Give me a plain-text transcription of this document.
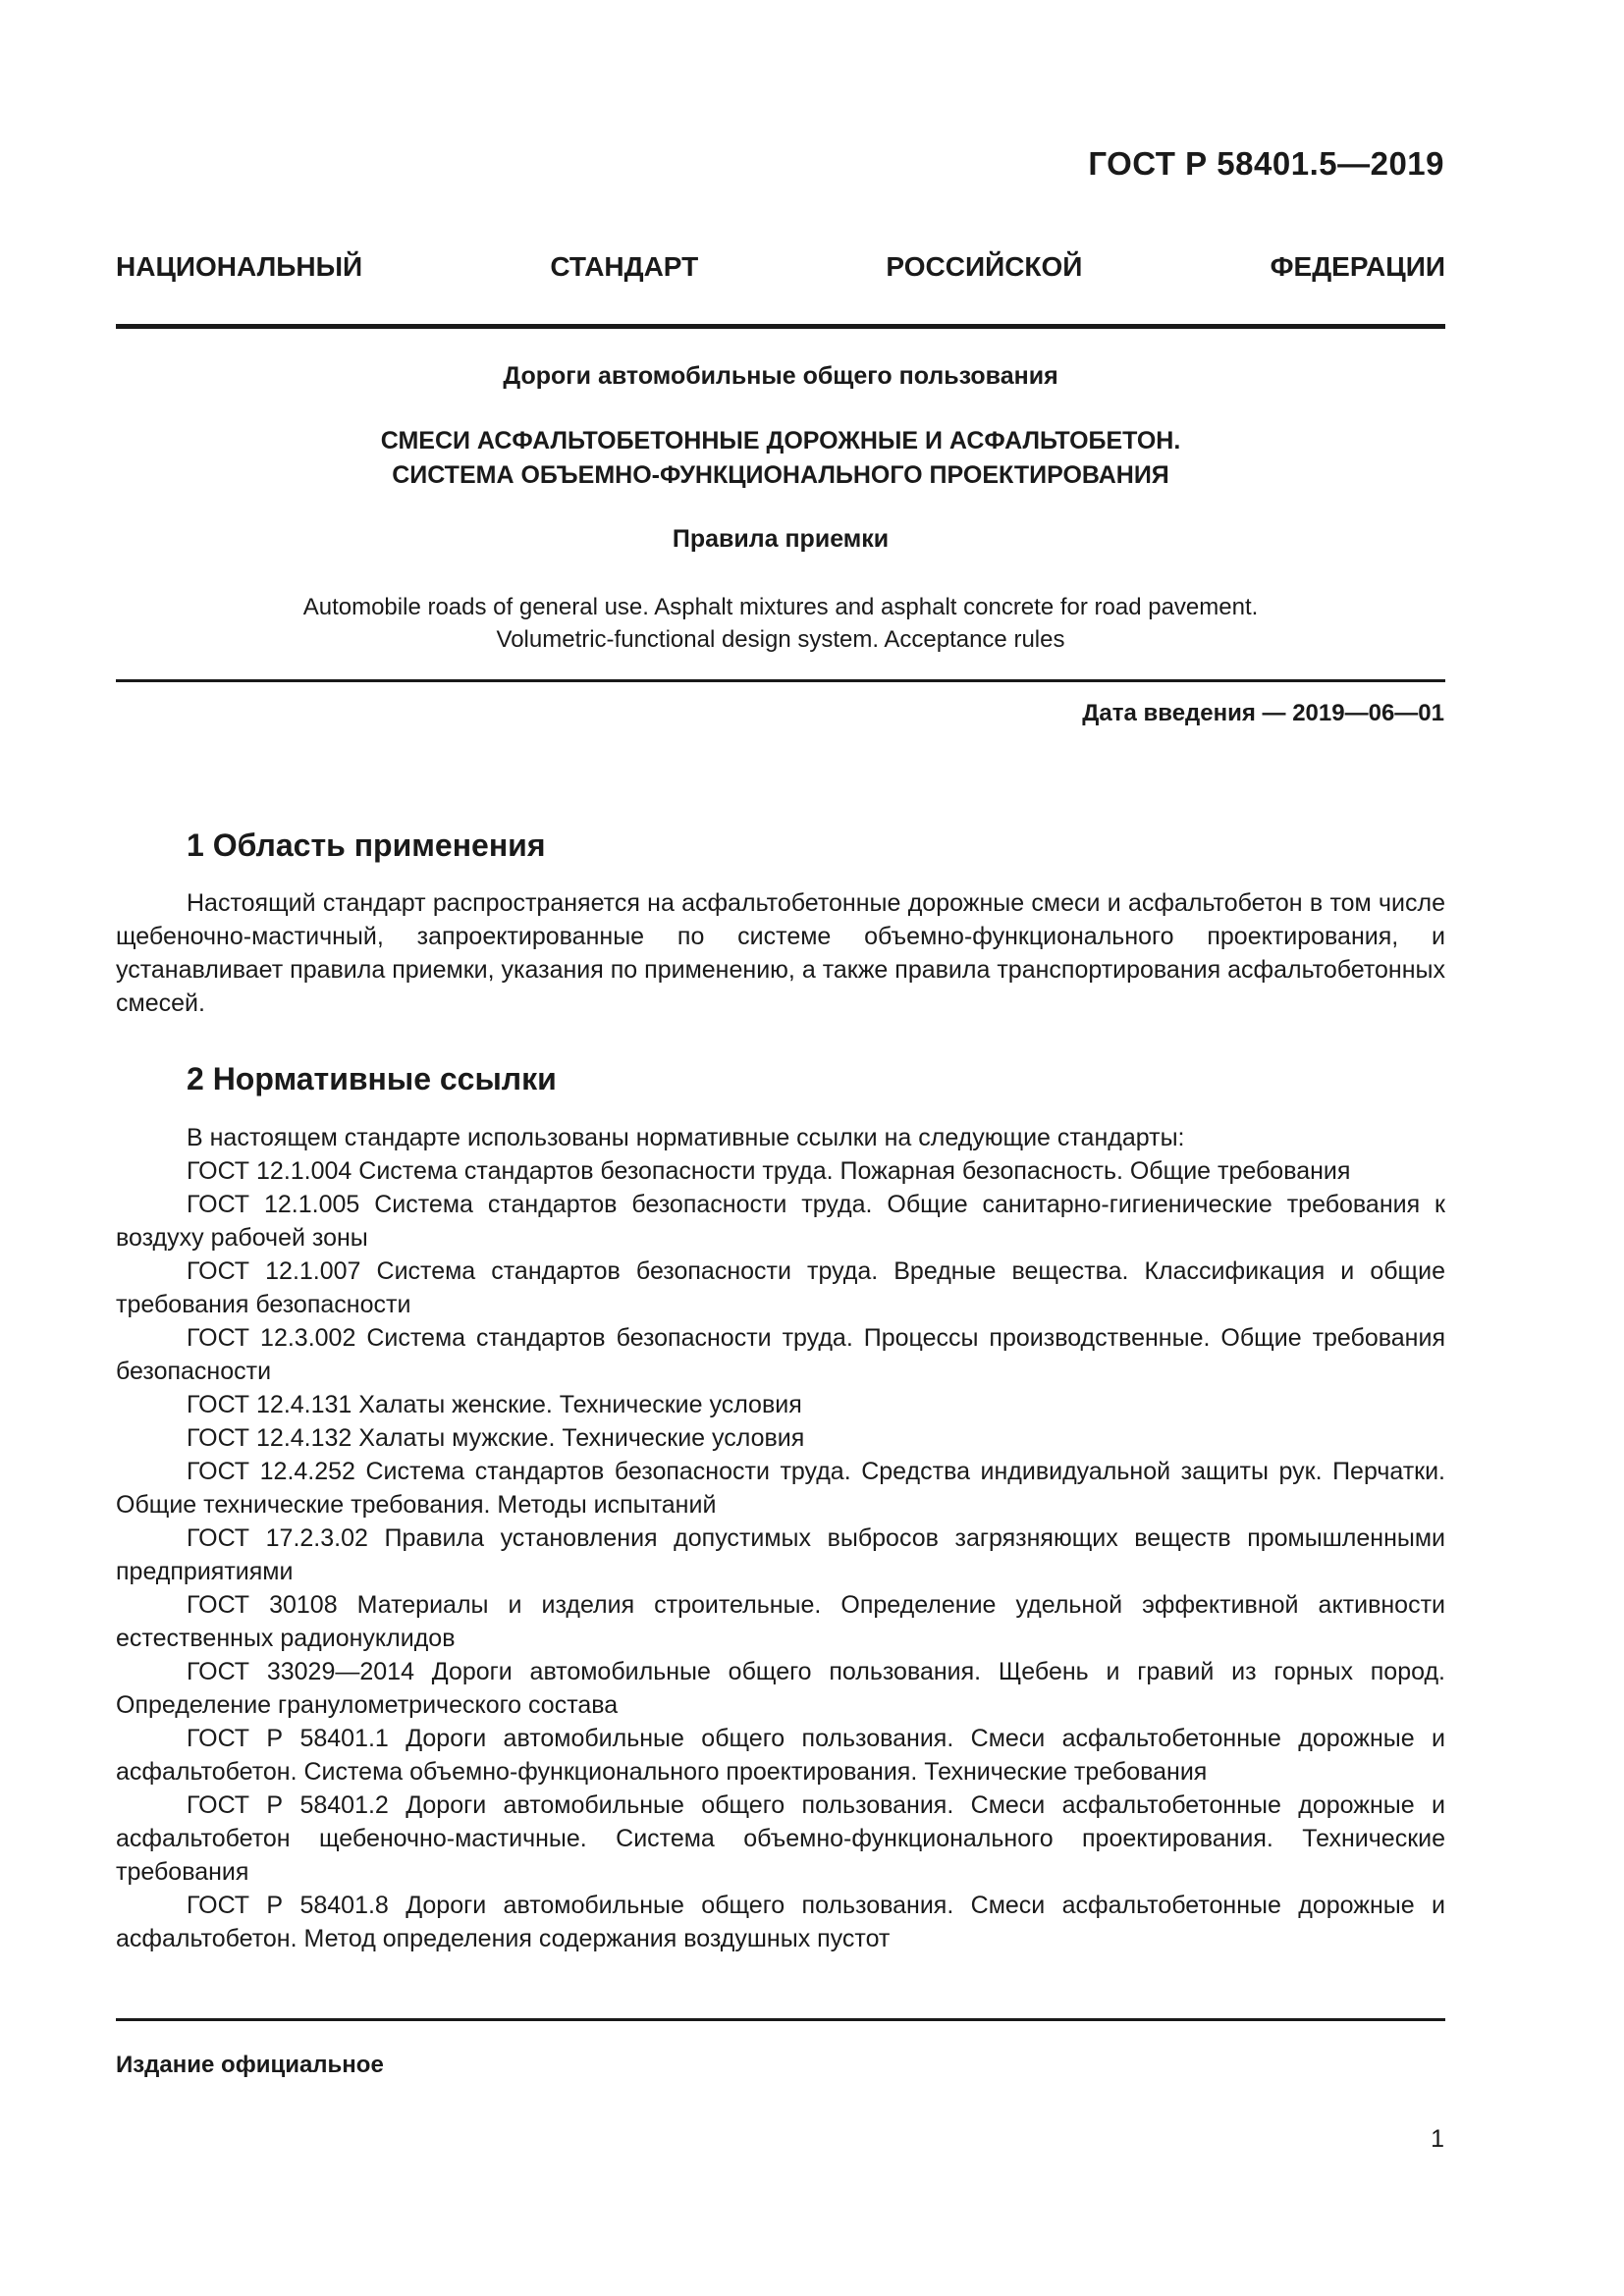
ГОСТ Р 58401.5—2019
НАЦИОНАЛЬНЫЙ	СТАНДАРТ	РОССИЙСКОЙ	ФЕДЕРАЦИИ
Дороги автомобильные общего пользования
СМЕСИ АСФАЛЬТОБЕТОННЫЕ ДОРОЖНЫЕ И АСФАЛЬТОБЕТОН.
СИСТЕМА ОБЪЕМНО-ФУНКЦИОНАЛЬНОГО ПРОЕКТИРОВАНИЯ
Правила приемки
Automobile roads of general use. Asphalt mixtures and asphalt concrete for road pavement.
Volumetric-functional design system. Acceptance rules
Дата введения — 2019—06—01
1 Область применения

Настоящий стандарт распространяется на асфальтобетонные дорожные смеси и асфальтобетон в том числе щебеночно-мастичный, запроектированные по системе объемно-функционального проектирования, и устанавливает правила приемки, указания по применению, а также правила транспортирования асфальтобетонных смесей.

2 Нормативные ссылки

В настоящем стандарте использованы нормативные ссылки на следующие стандарты:

ГОСТ 12.1.004 Система стандартов безопасности труда. Пожарная безопасность. Общие требования

ГОСТ 12.1.005 Система стандартов безопасности труда. Общие санитарно-гигиенические требования к воздуху рабочей зоны

ГОСТ 12.1.007 Система стандартов безопасности труда. Вредные вещества. Классификация и общие требования безопасности

ГОСТ 12.3.002 Система стандартов безопасности труда. Процессы производственные. Общие требования безопасности

ГОСТ 12.4.131 Халаты женские. Технические условия

ГОСТ 12.4.132 Халаты мужские. Технические условия

ГОСТ 12.4.252 Система стандартов безопасности труда. Средства индивидуальной защиты рук. Перчатки. Общие технические требования. Методы испытаний

ГОСТ 17.2.3.02 Правила установления допустимых выбросов загрязняющих веществ промышленными предприятиями

ГОСТ 30108 Материалы и изделия строительные. Определение удельной эффективной активности естественных радионуклидов

ГОСТ 33029—2014 Дороги автомобильные общего пользования. Щебень и гравий из горных пород. Определение гранулометрического состава

ГОСТ Р 58401.1 Дороги автомобильные общего пользования. Смеси асфальтобетонные дорожные и асфальтобетон. Система объемно-функционального проектирования. Технические требования

ГОСТ Р 58401.2 Дороги автомобильные общего пользования. Смеси асфальтобетонные дорожные и асфальтобетон щебеночно-мастичные. Система объемно-функционального проектирования. Технические требования

ГОСТ Р 58401.8 Дороги автомобильные общего пользования. Смеси асфальтобетонные дорожные и асфальтобетон. Метод определения содержания воздушных пустот

Издание официальное
1
